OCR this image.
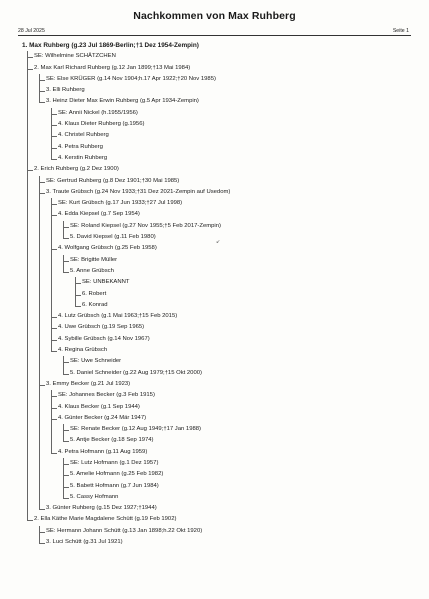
Nachkommen von Max Ruhberg
28 Jul 2025	Seite 1
1. Max Ruhberg (g.23 Jul 1869-Berlin;†1 Dez 1954-Zempin)
SE: Wilhelmine SCHÄTZCHEN
2. Max Karl Richard Ruhberg (g.12 Jan 1899;†13 Mai 1984)
SE: Else KRÜGER (g.14 Nov 1904;h.17 Apr 1922;†20 Nov 1985)
3. Elli Ruhberg
3. Heinz Dieter Max Erwin Ruhberg (g.5 Apr 1934-Zempin)
SE: Annii Nickel (h.1955/1956)
4. Klaus Dieter Ruhberg (g.1956)
4. Christel Ruhberg
4. Petra Ruhberg
4. Kerstin Ruhberg
2. Erich Ruhberg (g.2 Dez 1900)
SE: Gertrud Ruhberg (g.8 Dez 1901;†30 Mai 1985)
3. Traute Grübsch (g.24 Nov 1933;†31 Dez 2021-Zempin auf Usedom)
SE: Kurt Grübsch (g.17 Jun 1933;†27 Jul 1998)
4. Edda Kiepsel (g.7 Sep 1954)
SE: Roland Kiepsel (g.27 Nov 1955;†5 Feb 2017-Zempin)
5. David Kiepsel (g.11 Feb 1980)
4. Wolfgang Grübsch (g.25 Feb 1958)
SE: Brigitte Müller
5. Anne Grübsch
SE: UNBEKANNT
6. Robert
6. Konrad
4. Lutz Grübsch (g.1 Mai 1963;†15 Feb 2015)
4. Uwe Grübsch (g.19 Sep 1965)
4. Sybille Grübsch (g.14 Nov 1967)
4. Regina Grübsch
SE: Uwe Schneider
5. Daniel Schneider (g.22 Aug 1979;†15 Okt 2000)
3. Emmy Becker (g.21 Jul 1923)
SE: Johannes Becker (g.3 Feb 1915)
4. Klaus Becker (g.1 Sep 1944)
4. Günter Becker (g.24 Mär 1947)
SE: Renate Becker (g.12 Aug 1949;†17 Jan 1988)
5. Antje Becker (g.18 Sep 1974)
4. Petra Hofmann (g.11 Aug 1959)
SE: Lutz Hofmann (g.1 Dez 1957)
5. Amelie Hofmann (g.25 Feb 1982)
5. Babett Hofmann (g.7 Jun 1984)
5. Cassy Hofmann
3. Günter Ruhberg (g.15 Dez 1927;†1944)
2. Ella Käthe Marie Magdalene Schütt (g.19 Feb 1902)
SE: Hermann Johann Schütt (g.13 Jan 1898;h.22 Okt 1920)
3. Luci Schütt (g.31 Jul 1921)
↙
